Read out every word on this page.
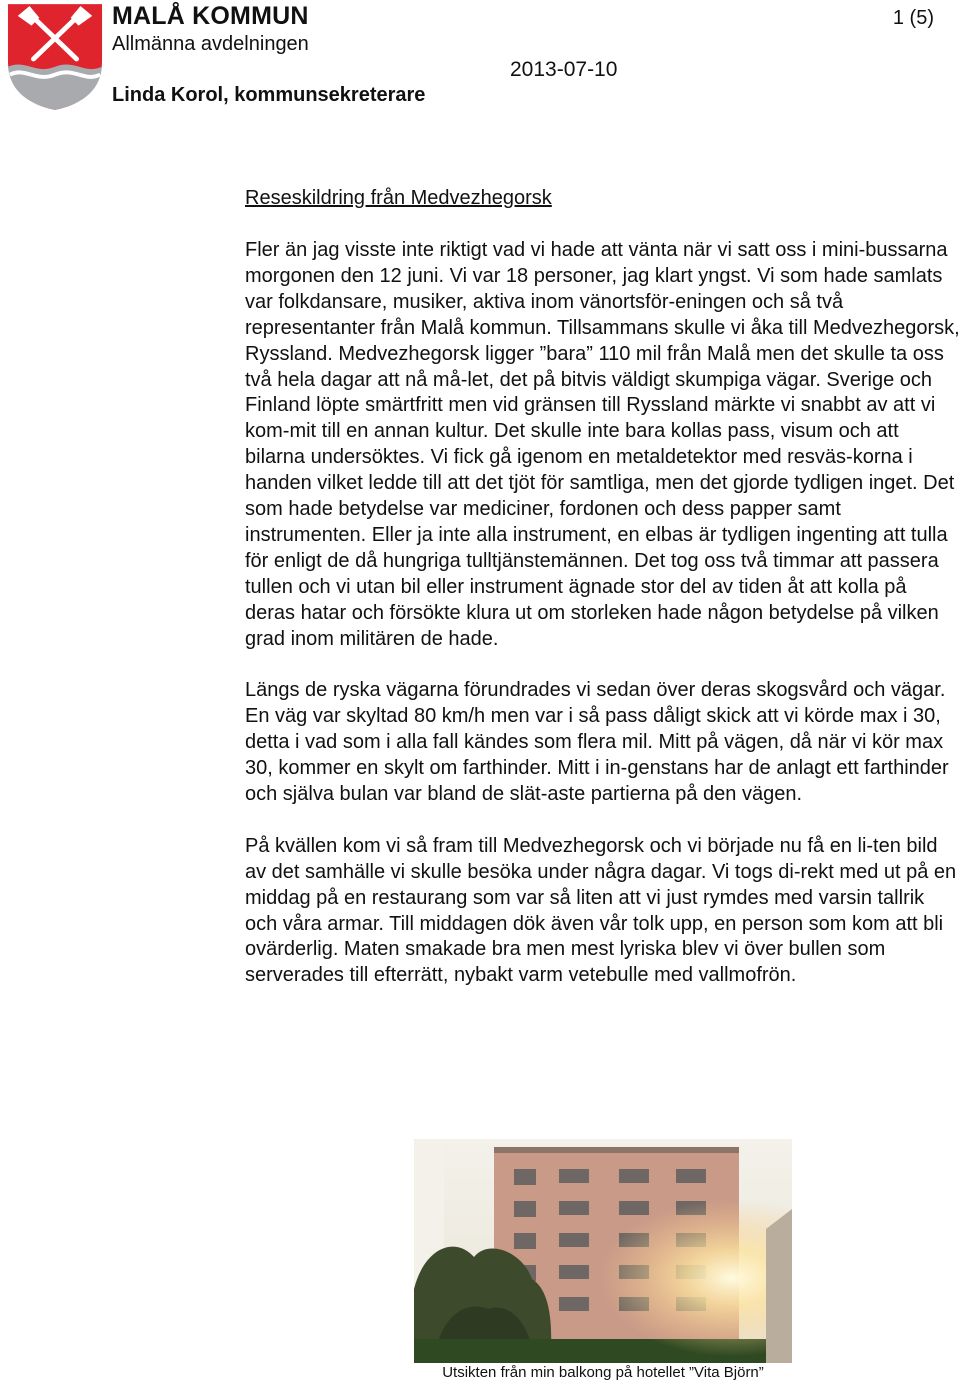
MALÅ KOMMUN
Allmänna avdelningen
Linda Korol, kommunsekreterare
2013-07-10
1 (5)
Reseskildring från Medvezhegorsk

Fler än jag visste inte riktigt vad vi hade att vänta när vi satt oss i mini-bussarna morgonen den 12 juni. Vi var 18 personer, jag klart yngst. Vi som hade samlats var folkdansare, musiker, aktiva inom vänortsför-eningen och så två representanter från Malå kommun. Tillsammans skulle vi åka till Medvezhegorsk, Ryssland. Medvezhegorsk ligger ”bara” 110 mil från Malå men det skulle ta oss två hela dagar att nå må-let, det på bitvis väldigt skumpiga vägar. Sverige och Finland löpte smärtfritt men vid gränsen till Ryssland märkte vi snabbt av att vi kom-mit till en annan kultur. Det skulle inte bara kollas pass, visum och att bilarna undersöktes. Vi fick gå igenom en metaldetektor med resväs-korna i handen vilket ledde till att det tjöt för samtliga, men det gjorde tydligen inget. Det som hade betydelse var mediciner, fordonen och dess papper samt instrumenten. Eller ja inte alla instrument, en elbas är tydligen ingenting att tulla för enligt de då hungriga tulltjänstemännen. Det tog oss två timmar att passera tullen och vi utan bil eller instrument ägnade stor del av tiden åt att kolla på deras hatar och försökte klura ut om storleken hade någon betydelse på vilken grad inom militären de hade.

Längs de ryska vägarna förundrades vi sedan över deras skogsvård och vägar. En väg var skyltad 80 km/h men var i så pass dåligt skick att vi körde max i 30, detta i vad som i alla fall kändes som flera mil. Mitt på vägen, då när vi kör max 30, kommer en skylt om farthinder. Mitt i in-genstans har de anlagt ett farthinder och själva bulan var bland de slät-aste partierna på den vägen.

På kvällen kom vi så fram till Medvezhegorsk och vi började nu få en li-ten bild av det samhälle vi skulle besöka under några dagar. Vi togs di-rekt med ut på en middag på en restaurang som var så liten att vi just rymdes med varsin tallrik och våra armar. Till middagen dök även vår tolk upp, en person som kom att bli ovärderlig. Maten smakade bra men mest lyriska blev vi över bullen som serverades till efterrätt, nybakt varm vetebulle med vallmofrön.

Utsikten från min balkong på hotellet ”Vita Björn”
